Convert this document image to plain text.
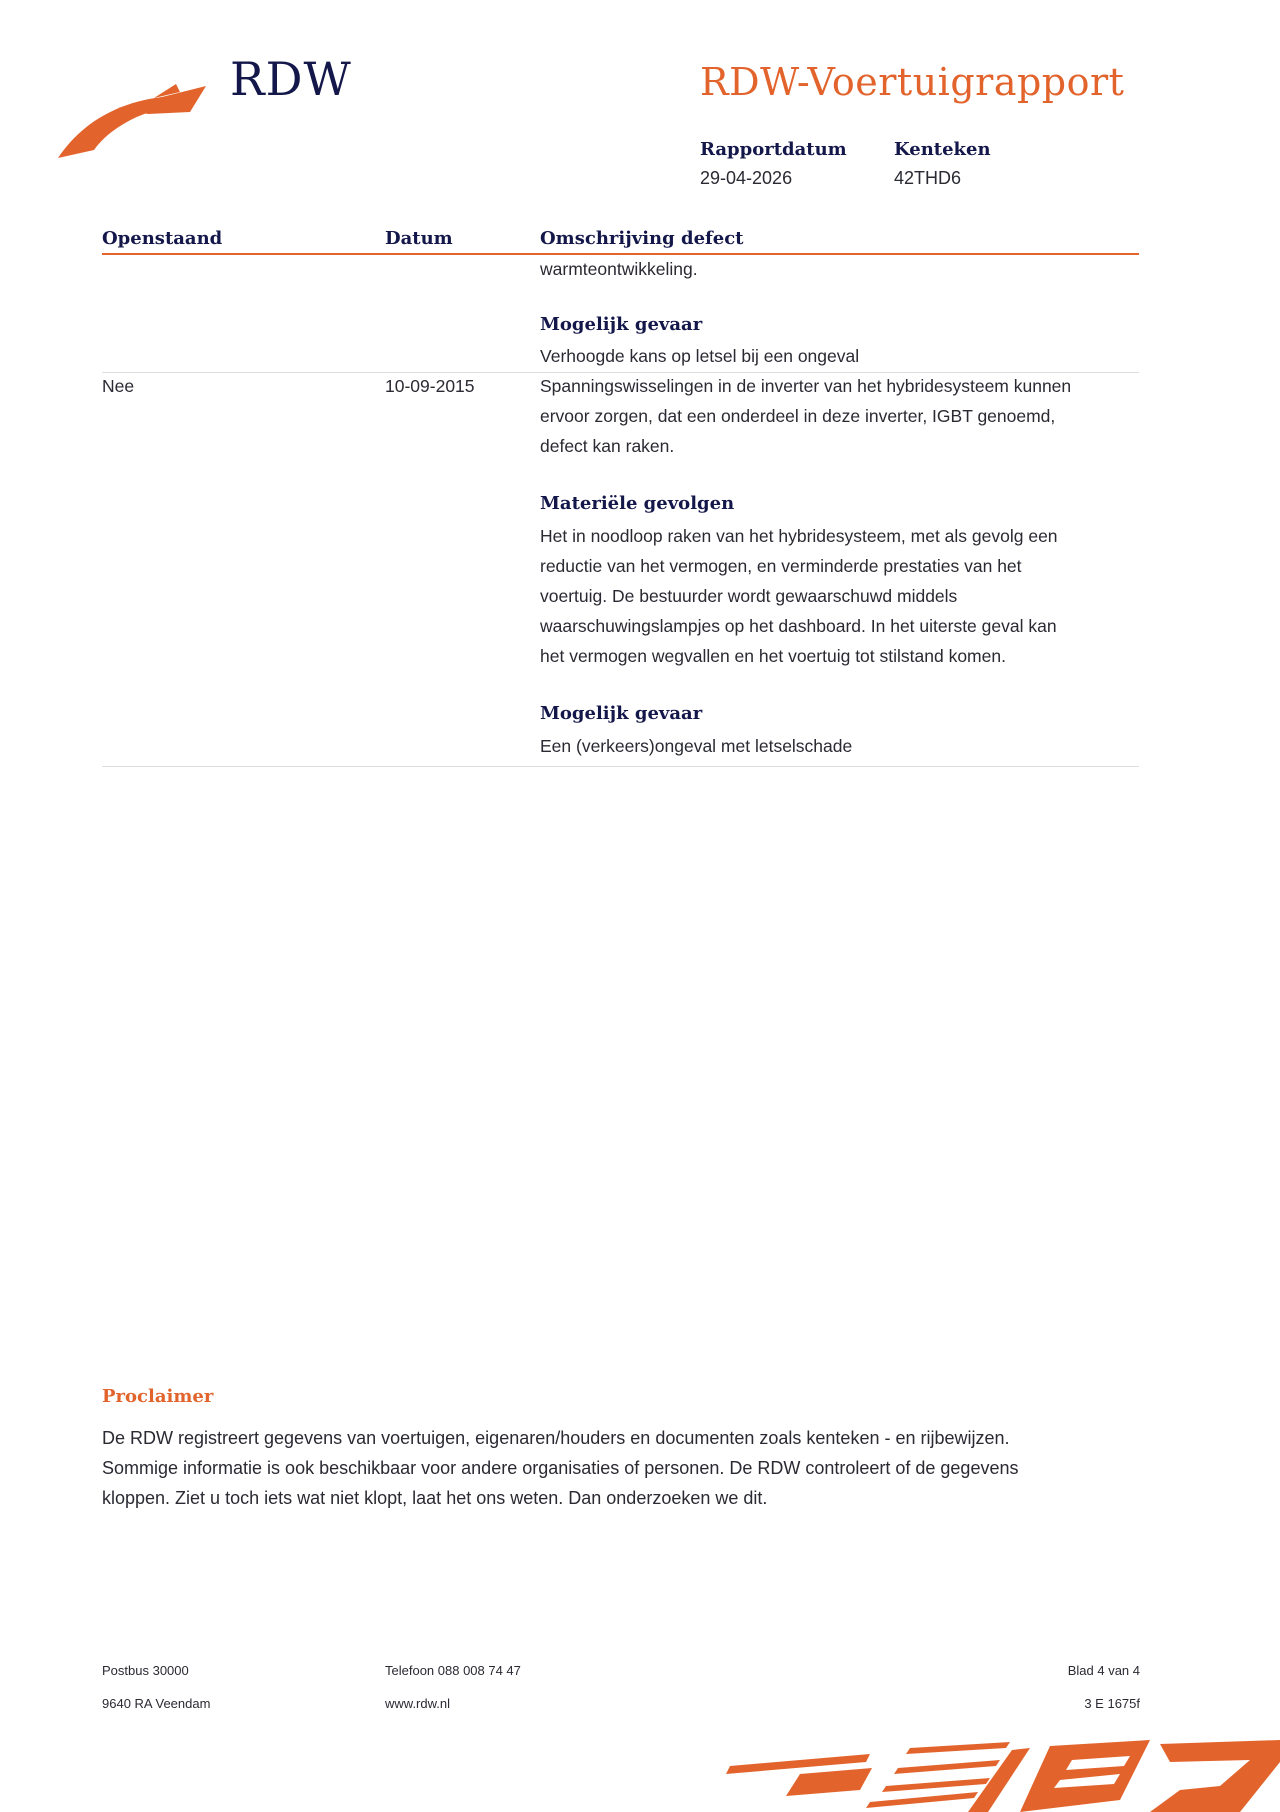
RDW	RDW-Voertuigrapport
Rapportdatum
29-04-2026
Kenteken
42THD6
Openstaand	Datum	Omschrijving defect
warmteontwikkeling.
Mogelijk gevaar
Verhoogde kans op letsel bij een ongeval
Nee	10-09-2015	Spanningswisselingen in de inverter van het hybridesysteem kunnen
ervoor zorgen, dat een onderdeel in deze inverter, IGBT genoemd,
defect kan raken.
Materiële gevolgen
Het in noodloop raken van het hybridesysteem, met als gevolg een
reductie van het vermogen, en verminderde prestaties van het
voertuig. De bestuurder wordt gewaarschuwd middels
waarschuwingslampjes op het dashboard. In het uiterste geval kan
het vermogen wegvallen en het voertuig tot stilstand komen.
Mogelijk gevaar
Een (verkeers)ongeval met letselschade
Proclaimer
De RDW registreert gegevens van voertuigen, eigenaren/houders en documenten zoals kenteken - en rijbewijzen.
Sommige informatie is ook beschikbaar voor andere organisaties of personen. De RDW controleert of de gegevens
kloppen. Ziet u toch iets wat niet klopt, laat het ons weten. Dan onderzoeken we dit.
Postbus 30000
9640 RA Veendam
Telefoon 088 008 74 47
www.rdw.nl
Blad 4 van 4
3 E 1675f
